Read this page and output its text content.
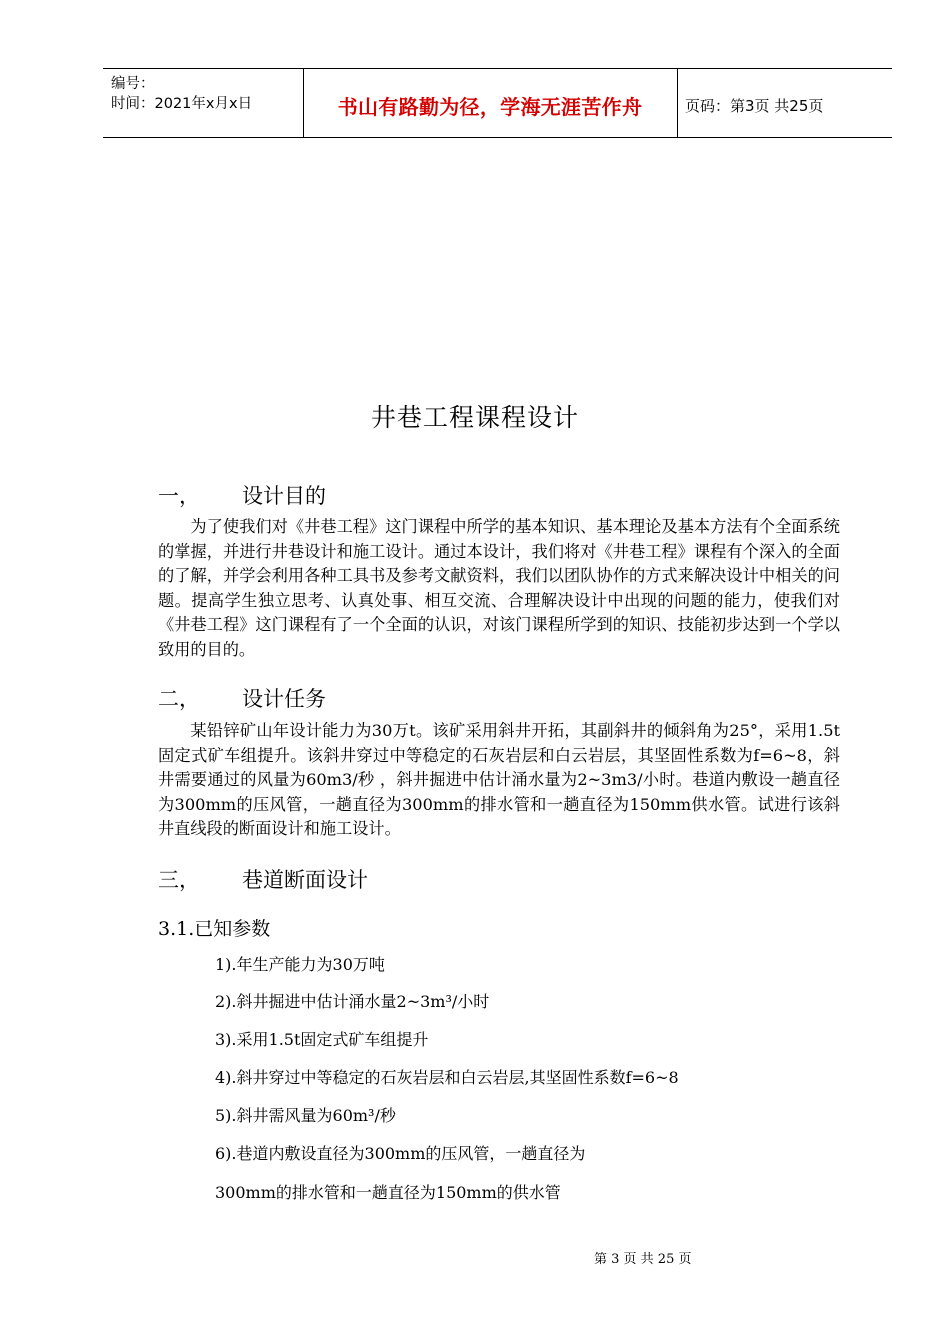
编号：
时间：2021年x月x日	书山有路勤为径，学海无涯苦作舟	页码：第3页 共25页
井巷工程课程设计
一， 设计目的
为了使我们对《井巷工程》这门课程中所学的基本知识、基本理论及基本方法有个全面系统的掌握，并进行井巷设计和施工设计。通过本设计，我们将对《井巷工程》课程有个深入的全面的了解，并学会利用各种工具书及参考文献资料，我们以团队协作的方式来解决设计中相关的问题。提高学生独立思考、认真处事、相互交流、合理解决设计中出现的问题的能力，使我们对《井巷工程》这门课程有了一个全面的认识，对该门课程所学到的知识、技能初步达到一个学以致用的目的。
二， 设计任务
某铅锌矿山年设计能力为30万t。该矿采用斜井开拓，其副斜井的倾斜角为25°，采用1.5t固定式矿车组提升。该斜井穿过中等稳定的石灰岩层和白云岩层，其坚固性系数为f=6~8，斜井需要通过的风量为60m3/秒 ，斜井掘进中估计涌水量为2~3m3/小时。巷道内敷设一趟直径为300mm的压风管，一趟直径为300mm的排水管和一趟直径为150mm供水管。试进行该斜井直线段的断面设计和施工设计。
三， 巷道断面设计
3.1.已知参数
1).年生产能力为30万吨
2).斜井掘进中估计涌水量2~3m³/小时
3).采用1.5t固定式矿车组提升
4).斜井穿过中等稳定的石灰岩层和白云岩层,其坚固性系数f=6~8
5).斜井需风量为60m³/秒
6).巷道内敷设直径为300mm的压风管，一趟直径为
300mm的排水管和一趟直径为150mm的供水管
第 3 页 共 25 页
